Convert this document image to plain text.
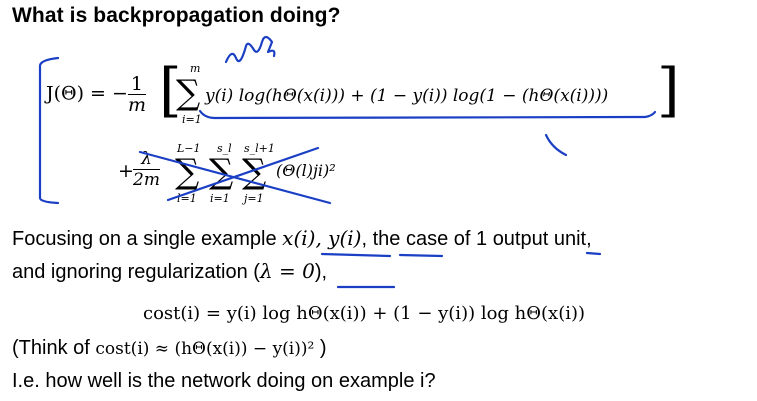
What is backpropagation doing?
J(Θ) = − $\frac{1}{m}$ [	]
∑
m
i=1
y(i) log(hΘ(x(i))) + (1 − y(i)) log(1 − (hΘ(x(i))))
+ $\frac{\lambda}{2m}$ ∑ ∑ ∑
L−1 s_l s_l+1
l=1 i=1 j=1
(Θ(l)ji)²
Focusing on a single example x(i), y(i), the case of 1 output unit,
and ignoring regularization (λ = 0),
cost(i) = y(i) log hΘ(x(i)) + (1 − y(i)) log hΘ(x(i))
(Think of cost(i) ≈ (hΘ(x(i)) − y(i))² )
I.e. how well is the network doing on example i?
